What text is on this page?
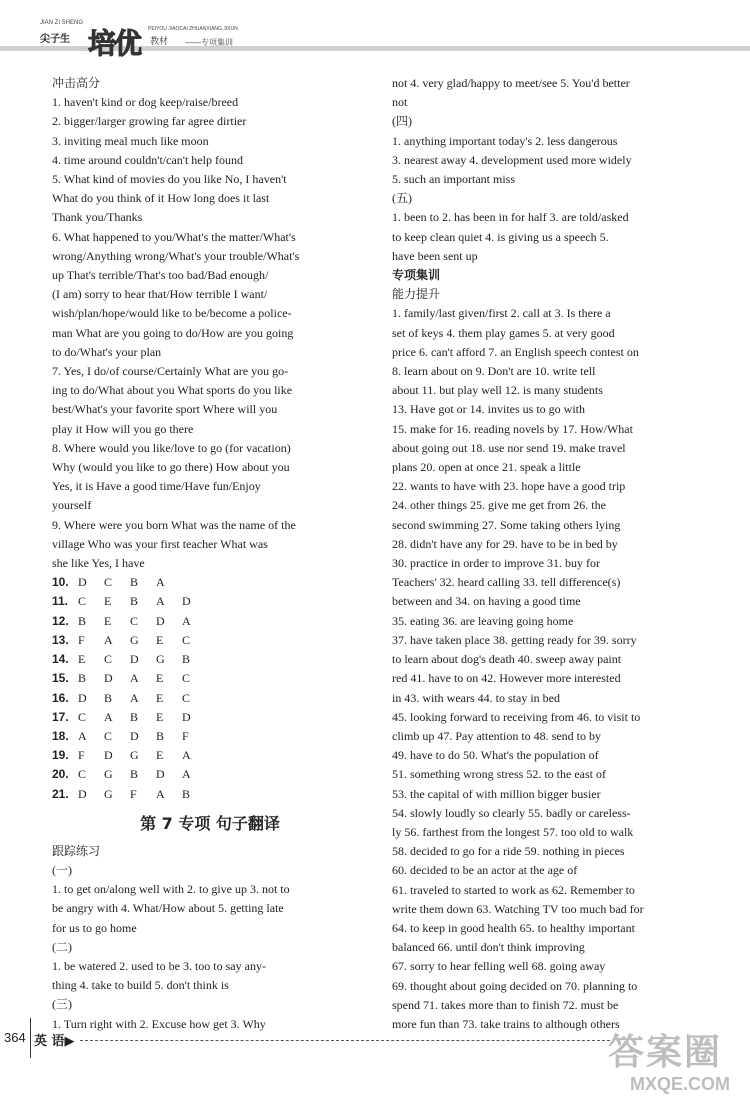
JIAN ZI SHENG
尖子生 培优 PEIYOU JIAOCAI ZHUANXIANG JIXUN
教材 ——专项集训
冲击高分
1. haven't kind or dog keep/raise/breed
2. bigger/larger growing far agree dirtier
3. inviting meal much like moon
4. time around couldn't/can't help found
5. What kind of movies do you like No, I haven't
What do you think of it How long does it last
Thank you/Thanks
6. What happened to you/What's the matter/What's
wrong/Anything wrong/What's your trouble/What's
up That's terrible/That's too bad/Bad enough/
(I am) sorry to hear that/How terrible I want/
wish/plan/hope/would like to be/become a police-
man What are you going to do/How are you going
to do/What's your plan
7. Yes, I do/of course/Certainly What are you go-
ing to do/What about you What sports do you like
best/What's your favorite sport Where will you
play it How will you go there
8. Where would you like/love to go (for vacation)
Why (would you like to go there) How about you
Yes, it is Have a good time/Have fun/Enjoy
yourself
9. Where were you born What was the name of the
village Who was your first teacher What was
she like Yes, I have
10. D	C	B	A
11. C	E	B	A	D
12. B	E	C	D	A
13. F	A	G	E	C
14. E	C	D	G	B
15. B	D	A	E	C
16. D	B	A	E	C
17. C	A	B	E	D
18. A	C	D	B	F
19. F	D	G	E	A
20. C	G	B	D	A
21. D	G	F	A	B
第 7 专项 句子翻译
跟踪练习
(一)
1. to get on/along well with 2. to give up 3. not to
be angry with 4. What/How about 5. getting late
for us to go home
(二)
1. be watered 2. used to be 3. too to say any-
thing 4. take to build 5. don't think is
(三)
1. Turn right with 2. Excuse how get 3. Why
not 4. very glad/happy to meet/see 5. You'd better
not
(四)
1. anything important today's 2. less dangerous
3. nearest away 4. development used more widely
5. such an important miss
(五)
1. been to 2. has been in for half 3. are told/asked
to keep clean quiet 4. is giving us a speech 5.
have been sent up
专项集训
能力提升
1. family/last given/first 2. call at 3. Is there a
set of keys 4. them play games 5. at very good
price 6. can't afford 7. an English speech contest on
8. learn about on 9. Don't are 10. write tell
about 11. but play well 12. is many students
13. Have got or 14. invites us to go with
15. make for 16. reading novels by 17. How/What
about going out 18. use nor send 19. make travel
plans 20. open at once 21. speak a little
22. wants to have with 23. hope have a good trip
24. other things 25. give me get from 26. the
second swimming 27. Some taking others lying
28. didn't have any for 29. have to be in bed by
30. practice in order to improve 31. buy for
Teachers' 32. heard calling 33. tell difference(s)
between and 34. on having a good time
35. eating 36. are leaving going home
37. have taken place 38. getting ready for 39. sorry
to learn about dog's death 40. sweep away paint
red 41. have to on 42. However more interested
in 43. with wears 44. to stay in bed
45. looking forward to receiving from 46. to visit to
climb up 47. Pay attention to 48. send to by
49. have to do 50. What's the population of
51. something wrong stress 52. to the east of
53. the capital of with million bigger busier
54. slowly loudly so clearly 55. badly or careless-
ly 56. farthest from the longest 57. too old to walk
58. decided to go for a ride 59. nothing in pieces
60. decided to be an actor at the age of
61. traveled to started to work as 62. Remember to
write them down 63. Watching TV too much bad for
64. to keep in good health 65. to healthy important
balanced 66. until don't think improving
67. sorry to hear felling well 68. going away
69. thought about going decided on 70. planning to
spend 71. takes more than to finish 72. must be
more fun than 73. take trains to although others
364 英 语▶	答案圈
MXQE.COM
